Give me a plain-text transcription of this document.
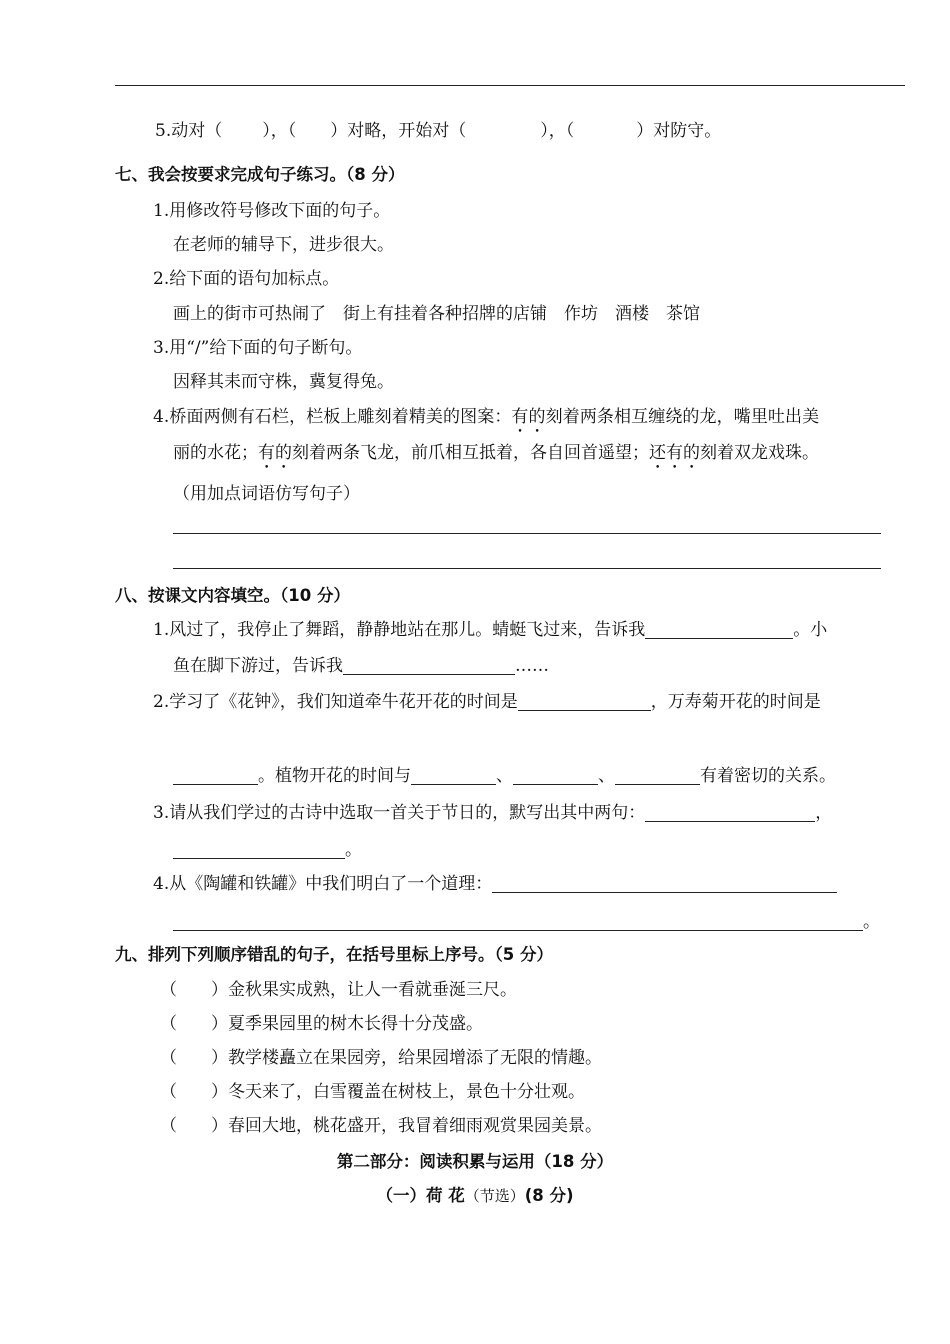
5.动对（ ），（ ）对略，开始对（	），（	）对防守。
七、我会按要求完成句子练习。（8 分）
1.用修改符号修改下面的句子。
在老师的辅导下，进步很大。
2.给下面的语句加标点。
画上的街市可热闹了　街上有挂着各种招牌的店铺　作坊　酒楼　茶馆
3.用“/”给下面的句子断句。
因释其耒而守株，冀复得兔。
4.桥面两侧有石栏，栏板上雕刻着精美的图案：有的刻着两条相互缠绕的龙，嘴里吐出美
丽的水花；有的刻着两条飞龙，前爪相互抵着，各自回首遥望；还有的刻着双龙戏珠。
（用加点词语仿写句子）
八、按课文内容填空。（10 分）
1.风过了，我停止了舞蹈，静静地站在那儿。蜻蜓飞过来，告诉我	。小
鱼在脚下游过，告诉我	……
2.学习了《花钟》，我们知道牵牛花开花的时间是	，万寿菊开花的时间是
。植物开花的时间与	、	、	有着密切的关系。
3.请从我们学过的古诗中选取一首关于节日的，默写出其中两句：	，
。
4.从《陶罐和铁罐》中我们明白了一个道理：
。
九、排列下列顺序错乱的句子，在括号里标上序号。（5 分）
（　　）金秋果实成熟，让人一看就垂涎三尺。
（　　）夏季果园里的树木长得十分茂盛。
（　　）教学楼矗立在果园旁，给果园增添了无限的情趣。
（　　）冬天来了，白雪覆盖在树枝上，景色十分壮观。
（　　）春回大地，桃花盛开，我冒着细雨观赏果园美景。
第二部分：阅读积累与运用（18 分）
（一）荷 花（节选）(8 分)
